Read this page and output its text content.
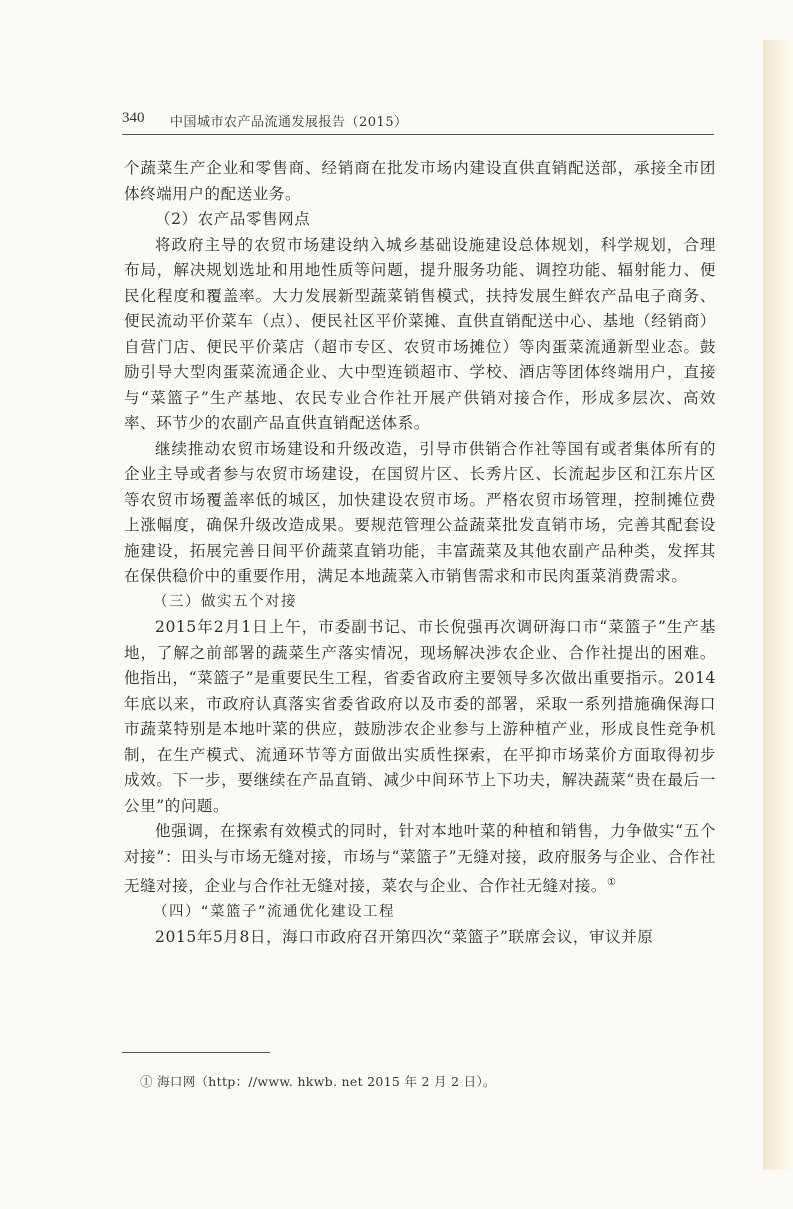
340 中国城市农产品流通发展报告（2015）

个蔬菜生产企业和零售商、经销商在批发市场内建设直供直销配送部，承接全市团体终端用户的配送业务。

（2）农产品零售网点

将政府主导的农贸市场建设纳入城乡基础设施建设总体规划，科学规划，合理布局，解决规划选址和用地性质等问题，提升服务功能、调控功能、辐射能力、便民化程度和覆盖率。大力发展新型蔬菜销售模式，扶持发展生鲜农产品电子商务、便民流动平价菜车（点）、便民社区平价菜摊、直供直销配送中心、基地（经销商）自营门店、便民平价菜店（超市专区、农贸市场摊位）等肉蛋菜流通新型业态。鼓励引导大型肉蛋菜流通企业、大中型连锁超市、学校、酒店等团体终端用户，直接与“菜篮子”生产基地、农民专业合作社开展产供销对接合作，形成多层次、高效率、环节少的农副产品直供直销配送体系。

继续推动农贸市场建设和升级改造，引导市供销合作社等国有或者集体所有的企业主导或者参与农贸市场建设，在国贸片区、长秀片区、长流起步区和江东片区等农贸市场覆盖率低的城区，加快建设农贸市场。严格农贸市场管理，控制摊位费上涨幅度，确保升级改造成果。要规范管理公益蔬菜批发直销市场，完善其配套设施建设，拓展完善日间平价蔬菜直销功能，丰富蔬菜及其他农副产品种类，发挥其在保供稳价中的重要作用，满足本地蔬菜入市销售需求和市民肉蛋菜消费需求。

（三）做实五个对接

2015年2月1日上午，市委副书记、市长倪强再次调研海口市“菜篮子”生产基地，了解之前部署的蔬菜生产落实情况，现场解决涉农企业、合作社提出的困难。他指出，“菜篮子”是重要民生工程，省委省政府主要领导多次做出重要指示。2014年底以来，市政府认真落实省委省政府以及市委的部署，采取一系列措施确保海口市蔬菜特别是本地叶菜的供应，鼓励涉农企业参与上游种植产业，形成良性竞争机制，在生产模式、流通环节等方面做出实质性探索，在平抑市场菜价方面取得初步成效。下一步，要继续在产品直销、减少中间环节上下功夫，解决蔬菜“贵在最后一公里”的问题。

他强调，在探索有效模式的同时，针对本地叶菜的种植和销售，力争做实“五个对接”：田头与市场无缝对接，市场与“菜篮子”无缝对接，政府服务与企业、合作社无缝对接，企业与合作社无缝对接，菜农与企业、合作社无缝对接。①

（四）“菜篮子”流通优化建设工程

2015年5月8日，海口市政府召开第四次“菜篮子”联席会议，审议并原

① 海口网（http：//www. hkwb. net 2015 年 2 月 2 日）。
